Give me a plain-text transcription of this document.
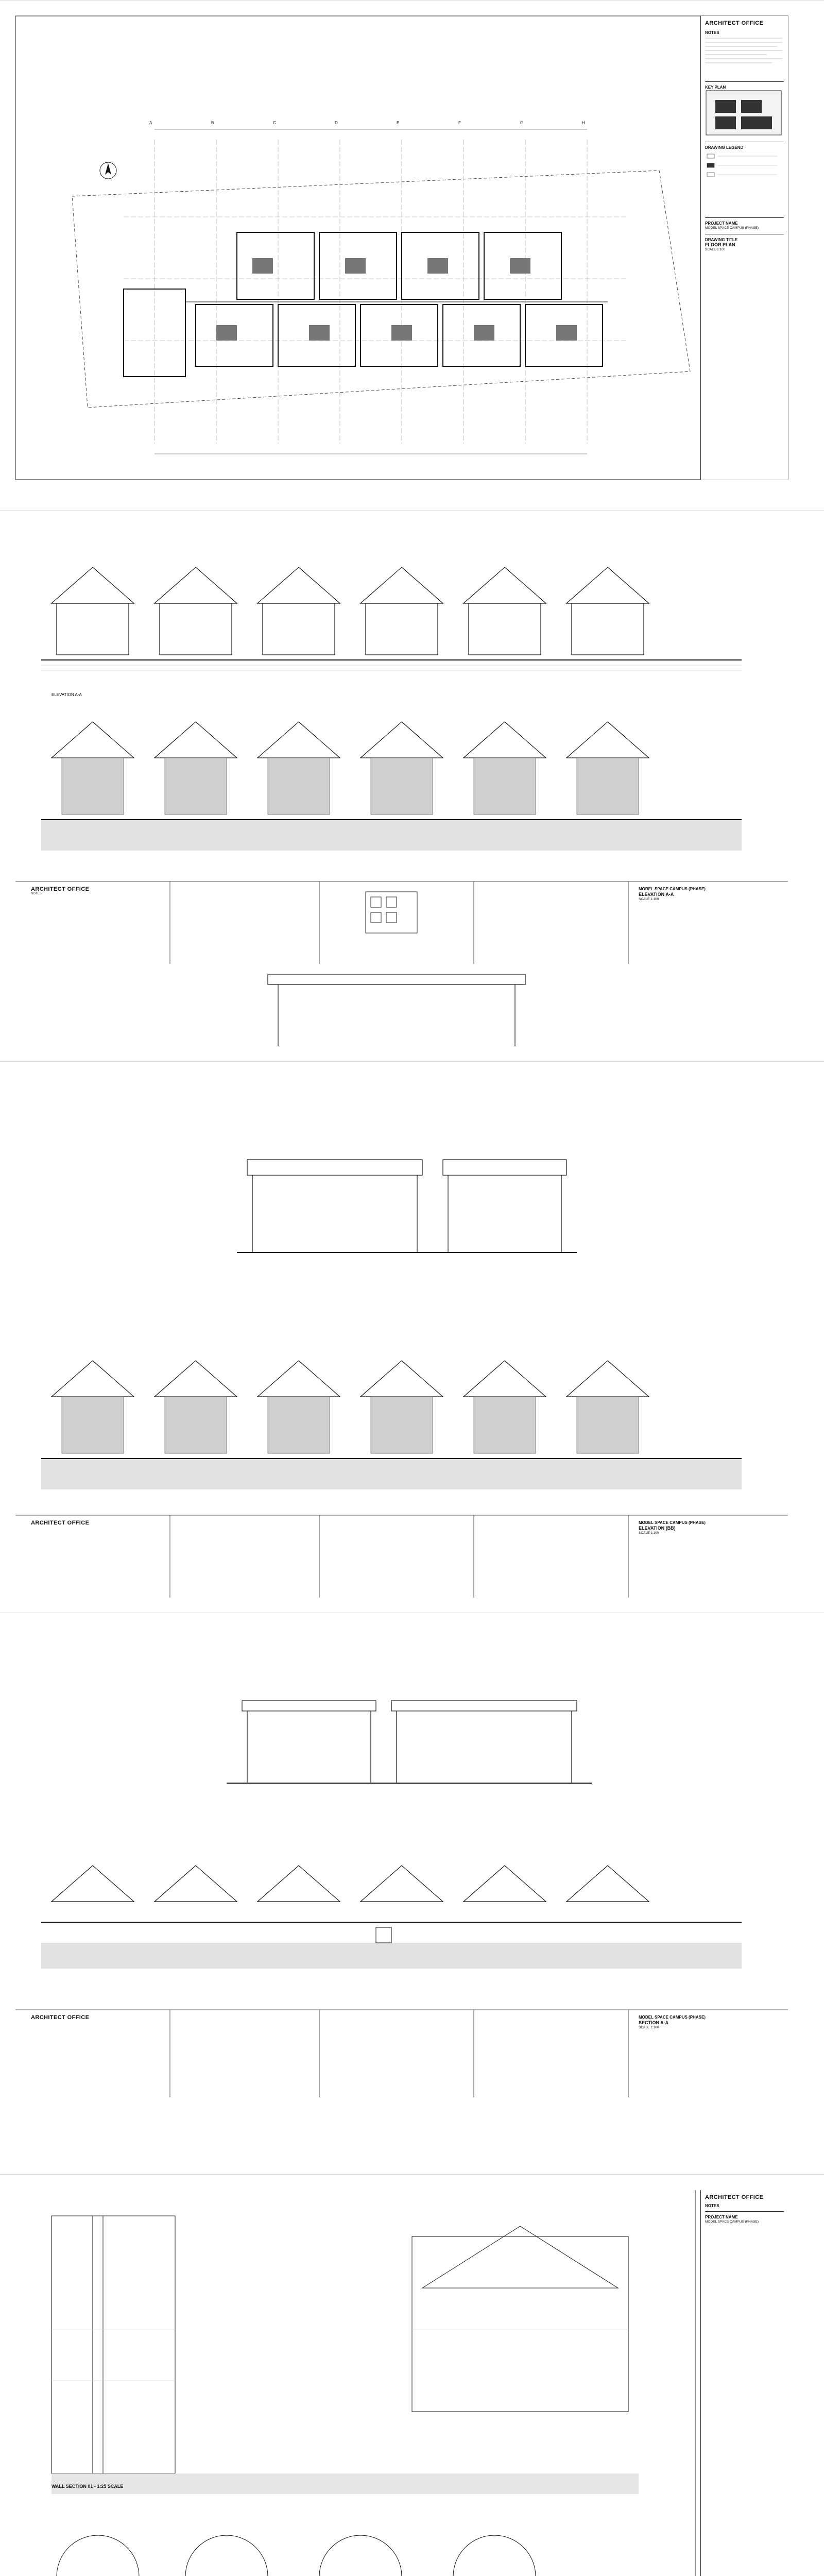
A	B	C	D	E	F	G	H
ARCHITECT OFFICE
NOTES
KEY PLAN
DRAWING LEGEND
PROJECT NAME
MODEL SPACE CAMPUS (PHASE)
DRAWING TITLE
FLOOR PLAN
SCALE 1:100
ELEVATION A-A
ARCHITECT OFFICE
NOTES
MODEL SPACE CAMPUS (PHASE)
ELEVATION A-A
SCALE 1:100
ARCHITECT OFFICE	MODEL SPACE CAMPUS (PHASE)
ELEVATION (BB)
SCALE 1:100
ARCHITECT OFFICE	MODEL SPACE CAMPUS (PHASE)
SECTION A-A
SCALE 1:100
WALL SECTION 01 - 1:25 SCALE
ARCHITECT OFFICE
NOTES
PROJECT NAME
MODEL SPACE CAMPUS (PHASE)
